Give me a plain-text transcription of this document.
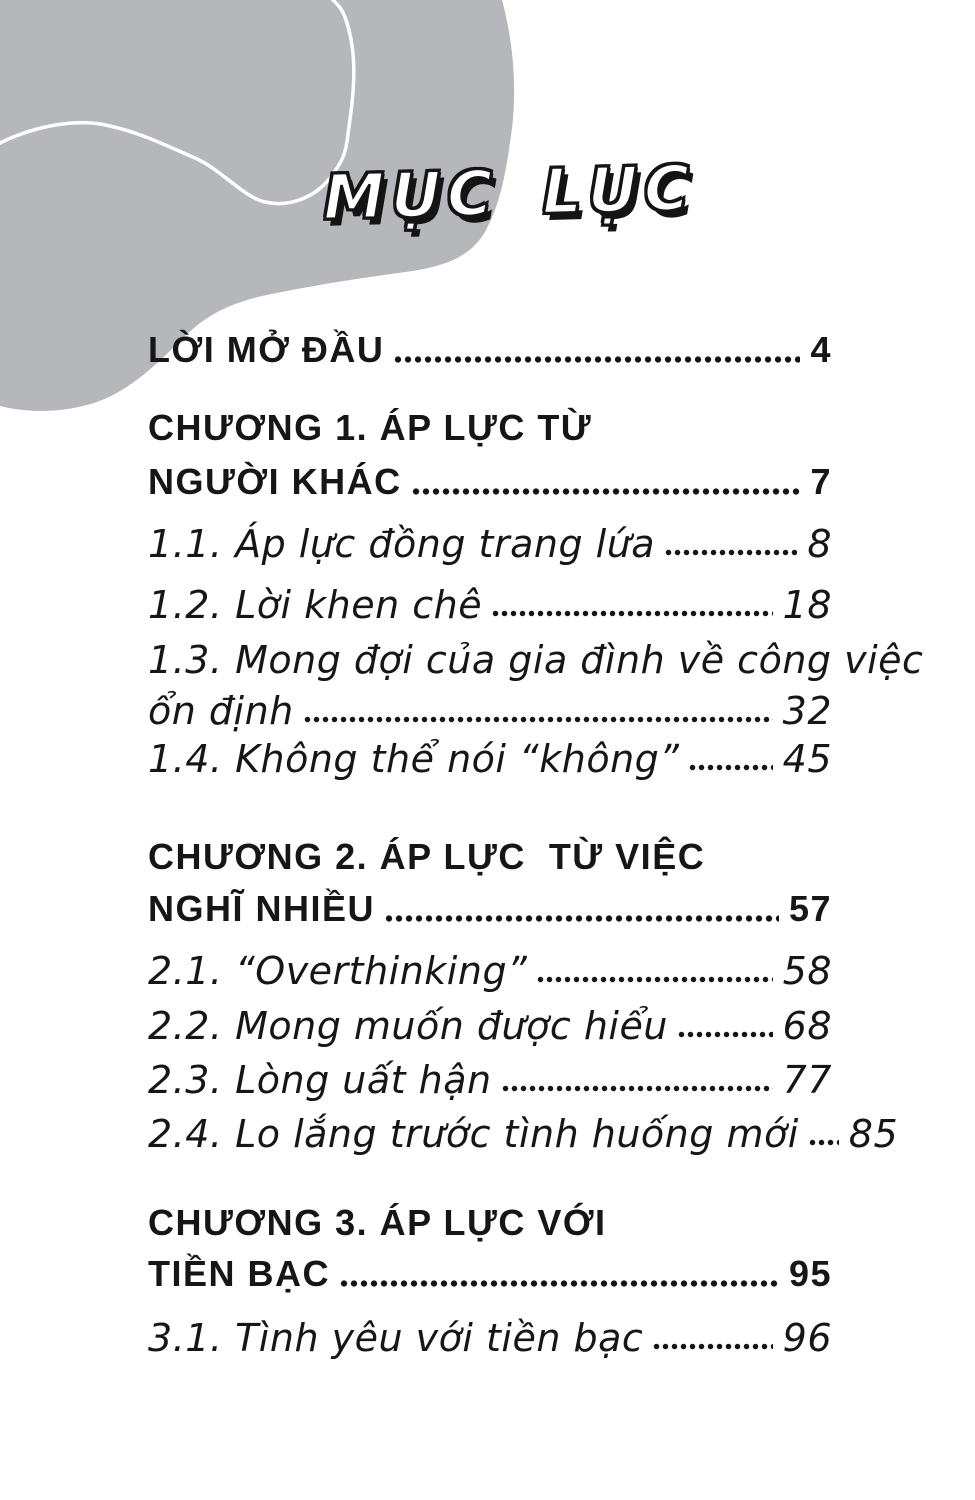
MỤC LỤC
LỜI MỞ ĐẦU	4
CHƯƠNG 1. ÁP LỰC TỪ
NGƯỜI KHÁC	7
1.1. Áp lực đồng trang lứa	8
1.2. Lời khen chê	18
1.3. Mong đợi của gia đình về công việc
ổn định	32
1.4. Không thể nói “không”	45
CHƯƠNG 2. ÁP LỰC  TỪ VIỆC
NGHĨ NHIỀU	57
2.1. “Overthinking”	58
2.2. Mong muốn được hiểu	68
2.3. Lòng uất hận	77
2.4. Lo lắng trước tình huống mới 85
CHƯƠNG 3. ÁP LỰC VỚI
TIỀN BẠC	95
3.1. Tình yêu với tiền bạc	96
